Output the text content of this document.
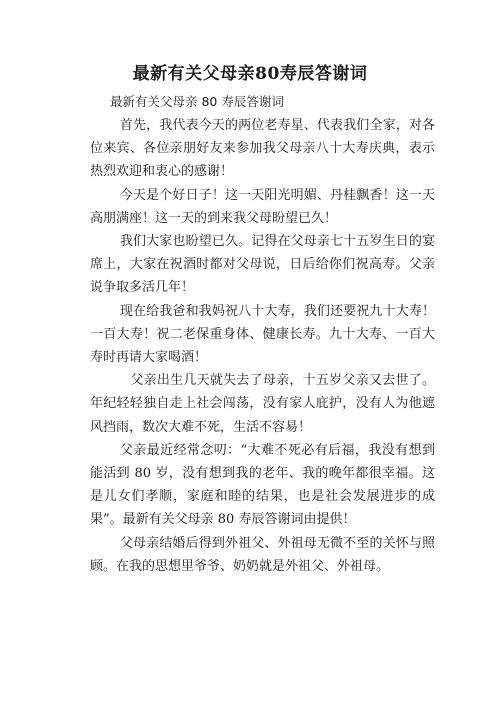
最新有关父母亲80寿辰答谢词
最新有关父母亲 80 寿辰答谢词

首先，我代表今天的两位老寿星、代表我们全家，对各位来宾、各位亲朋好友来参加我父母亲八十大寿庆典，表示热烈欢迎和衷心的感谢！

今天是个好日子！这一天阳光明媚、丹桂飘香！这一天高朋满座！这一天的到来我父母盼望已久！

我们大家也盼望已久。记得在父母亲七十五岁生日的宴席上，大家在祝酒时都对父母说，日后给你们祝高寿。父亲说争取多活几年！

现在给我爸和我妈祝八十大寿，我们还要祝九十大寿！一百大寿！祝二老保重身体、健康长寿。九十大寿、一百大寿时再请大家喝酒！

父亲出生几天就失去了母亲，十五岁父亲又去世了。年纪轻轻独自走上社会闯荡，没有家人庇护，没有人为他遮风挡雨，数次大难不死，生活不容易！

父亲最近经常念叨：“大难不死必有后福，我没有想到能活到 80 岁，没有想到我的老年、我的晚年都很幸福。这是儿女们孝顺，家庭和睦的结果，也是社会发展进步的成果”。最新有关父母亲 80 寿辰答谢词由提供！

父母亲结婚后得到外祖父、外祖母无微不至的关怀与照顾。在我的思想里爷爷、奶奶就是外祖父、外祖母。
